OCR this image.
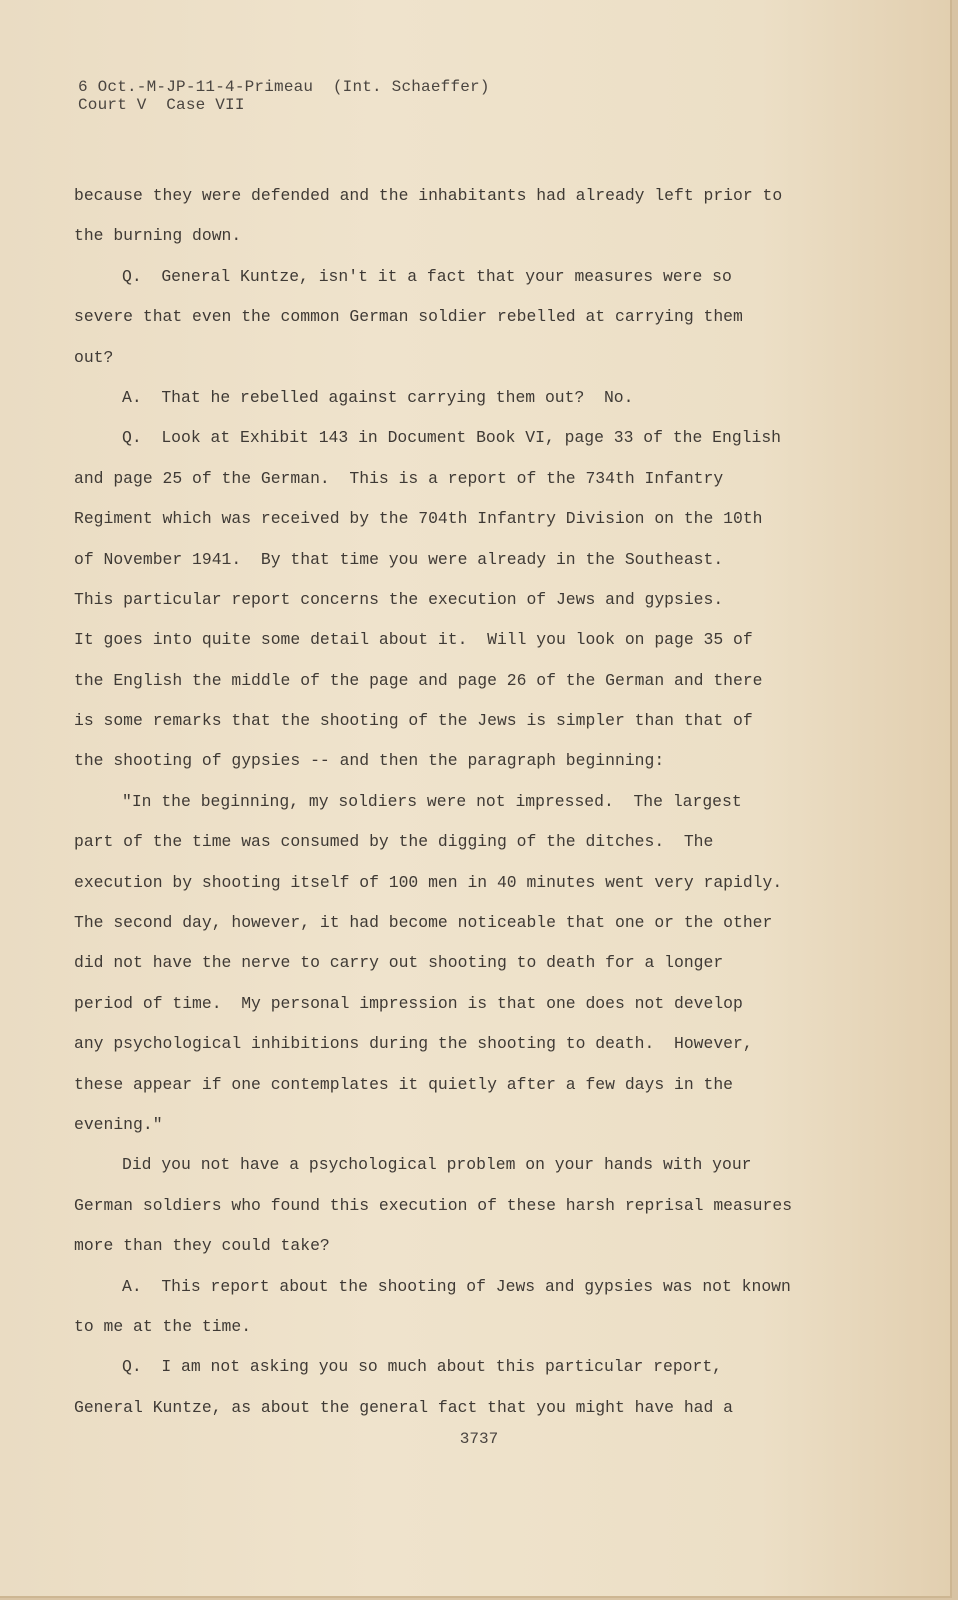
6 Oct.-M-JP-11-4-Primeau  (Int. Schaeffer)
Court V  Case VII
because they were defended and the inhabitants had already left prior to
the burning down.
Q.  General Kuntze, isn't it a fact that your measures were so
severe that even the common German soldier rebelled at carrying them
out?
A.  That he rebelled against carrying them out?  No.
Q.  Look at Exhibit 143 in Document Book VI, page 33 of the English
and page 25 of the German.  This is a report of the 734th Infantry
Regiment which was received by the 704th Infantry Division on the 10th
of November 1941.  By that time you were already in the Southeast.
This particular report concerns the execution of Jews and gypsies.
It goes into quite some detail about it.  Will you look on page 35 of
the English the middle of the page and page 26 of the German and there
is some remarks that the shooting of the Jews is simpler than that of
the shooting of gypsies -- and then the paragraph beginning:
"In the beginning, my soldiers were not impressed.  The largest
part of the time was consumed by the digging of the ditches.  The
execution by shooting itself of 100 men in 40 minutes went very rapidly.
The second day, however, it had become noticeable that one or the other
did not have the nerve to carry out shooting to death for a longer
period of time.  My personal impression is that one does not develop
any psychological inhibitions during the shooting to death.  However,
these appear if one contemplates it quietly after a few days in the
evening."
Did you not have a psychological problem on your hands with your
German soldiers who found this execution of these harsh reprisal measures
more than they could take?
A.  This report about the shooting of Jews and gypsies was not known
to me at the time.
Q.  I am not asking you so much about this particular report,
General Kuntze, as about the general fact that you might have had a
3737
